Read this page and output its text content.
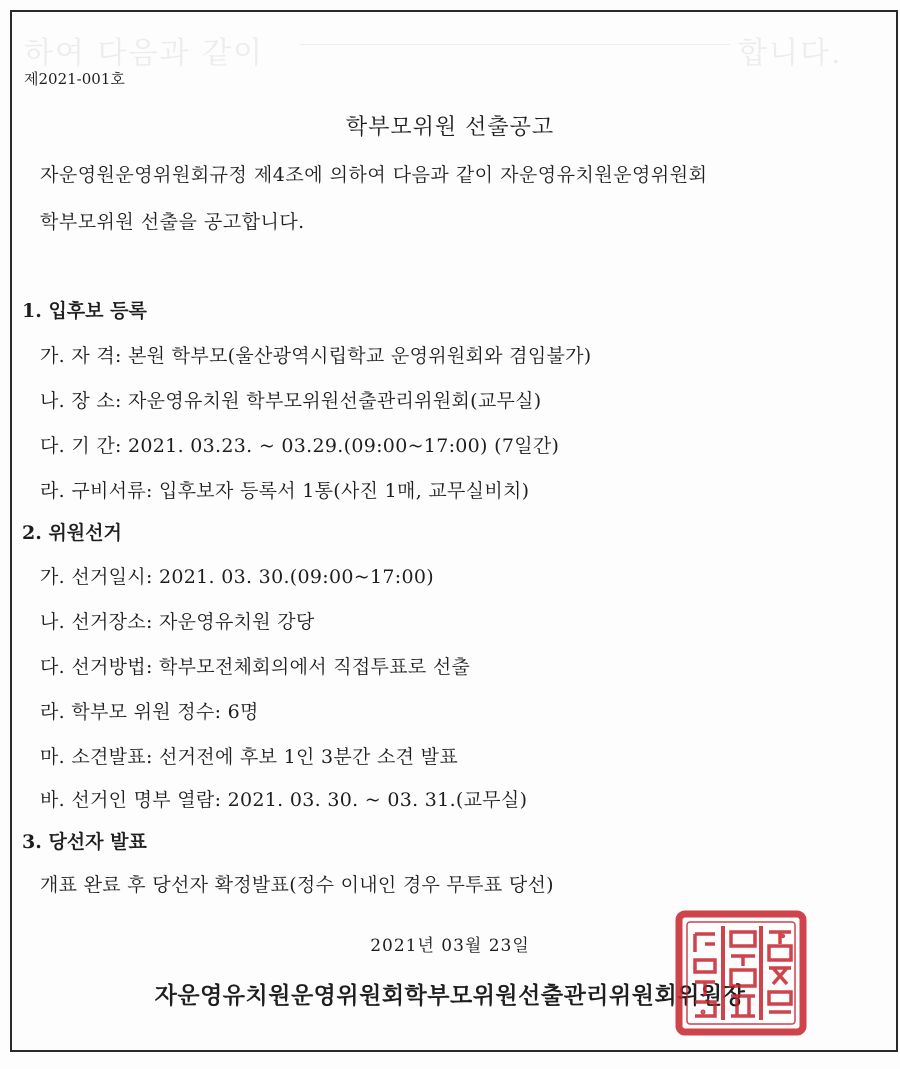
하여 다음과 같이	합니다.
제2021-001호
학부모위원 선출공고
자운영원운영위원회규정 제4조에 의하여 다음과 같이 자운영유치원운영위원회
학부모위원 선출을 공고합니다.
1. 입후보 등록
가. 자 격: 본원 학부모(울산광역시립학교 운영위원회와 겸임불가)
나. 장 소: 자운영유치원 학부모위원선출관리위원회(교무실)
다. 기 간: 2021. 03.23. ~ 03.29.(09:00~17:00) (7일간)
라. 구비서류: 입후보자 등록서 1통(사진 1매, 교무실비치)
2. 위원선거
가. 선거일시: 2021. 03. 30.(09:00~17:00)
나. 선거장소: 자운영유치원 강당
다. 선거방법: 학부모전체회의에서 직접투표로 선출
라. 학부모 위원 정수: 6명
마. 소견발표: 선거전에 후보 1인 3분간 소견 발표
바. 선거인 명부 열람: 2021. 03. 30. ~ 03. 31.(교무실)
3. 당선자 발표
개표 완료 후 당선자 확정발표(정수 이내인 경우 무투표 당선)
2021년 03월 23일
자운영유치원운영위원회학부모위원선출관리위원회위원장
